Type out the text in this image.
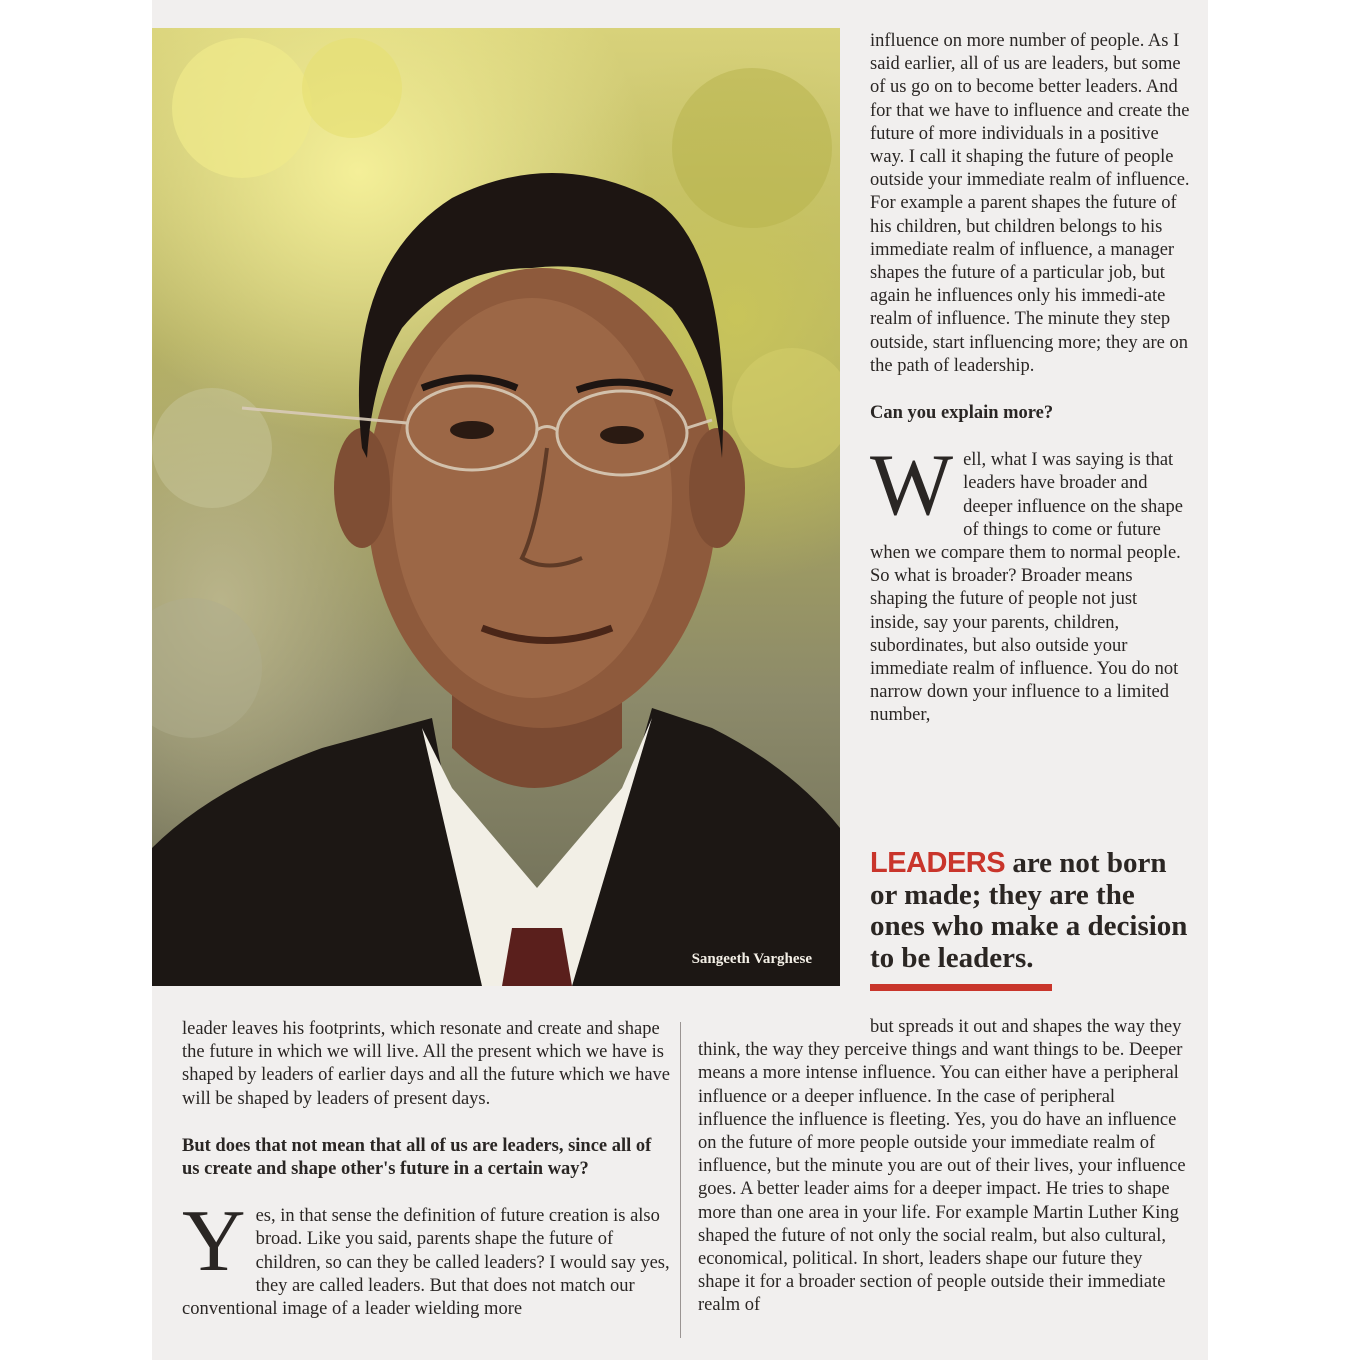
Sangeeth Varghese

influence on more number of people. As I said earlier, all of us are leaders, but some of us go on to become better leaders. And for that we have to influence and create the future of more individuals in a positive way. I call it shaping the future of people outside your immediate realm of influence. For example a parent shapes the future of his children, but children belongs to his immediate realm of influence, a manager shapes the future of a particular job, but again he influences only his immedi-ate realm of influence. The minute they step outside, start influencing more; they are on the path of leadership.

Can you explain more?

Well, what I was saying is that leaders have broader and deeper influence on the shape of things to come or future when we compare them to normal people. So what is broader? Broader means shaping the future of people not just inside, say your parents, children, subordinates, but also outside your immediate realm of influence. You do not narrow down your influence to a limited number,

LEADERS are not born or made; they are the ones who make a decision to be leaders.

leader leaves his footprints, which resonate and create and shape the future in which we will live. All the present which we have is shaped by leaders of earlier days and all the future which we have will be shaped by leaders of present days.

But does that not mean that all of us are leaders, since all of us create and shape other's future in a certain way?

Yes, in that sense the definition of future creation is also broad. Like you said, parents shape the future of children, so can they be called leaders? I would say yes, they are called leaders. But that does not match our conventional image of a leader wielding more

but spreads it out and shapes the way they think, the way they perceive things and want things to be. Deeper means a more intense influence. You can either have a peripheral influence or a deeper influence. In the case of peripheral influence the influence is fleeting. Yes, you do have an influence on the future of more people outside your immediate realm of influence, but the minute you are out of their lives, your influence goes. A better leader aims for a deeper impact. He tries to shape more than one area in your life. For example Martin Luther King shaped the future of not only the social realm, but also cultural, economical, political. In short, leaders shape our future they shape it for a broader section of people outside their immediate realm of
